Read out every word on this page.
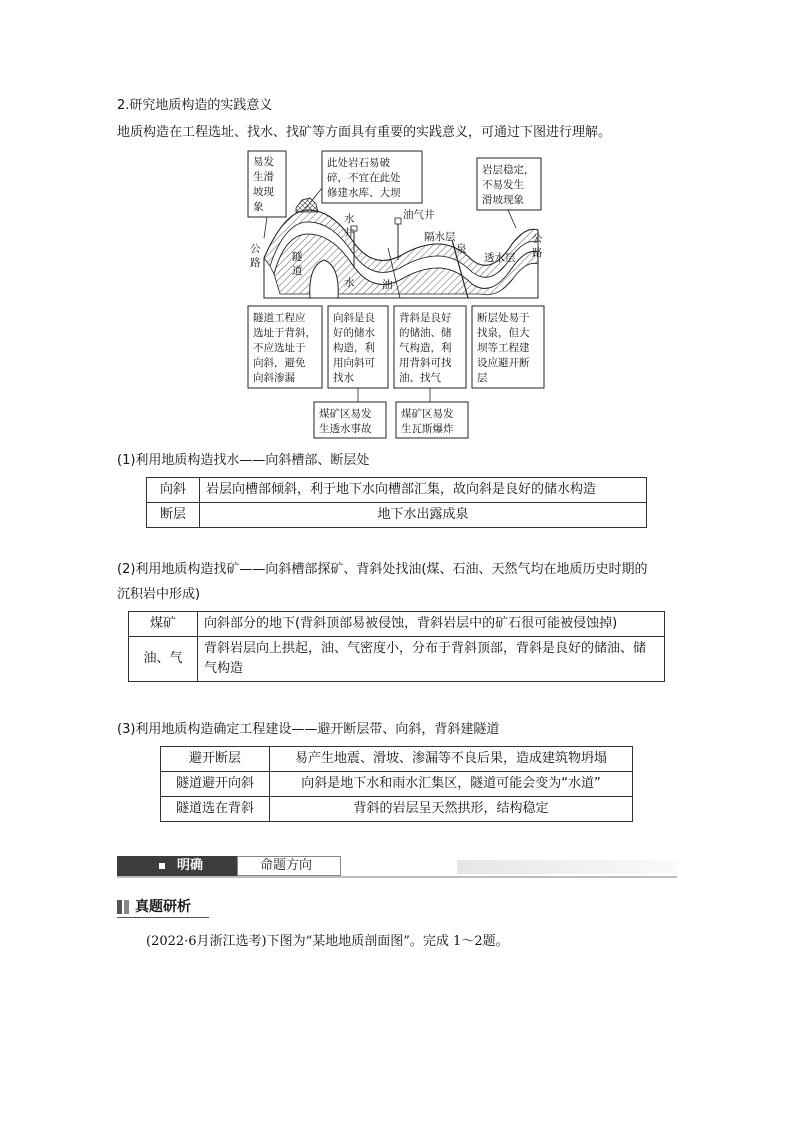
2.研究地质构造的实践意义
地质构造在工程选址、找水、找矿等方面具有重要的实践意义，可通过下图进行理解。
易发
生滑
坡现
象
此处岩石易破
碎，不宜在此处
修建水库、大坝
岩层稳定，
不易发生
滑坡现象
公
路	隧
道
水
井
油气井
隔水层
泉
水	油
透水层
公
路
隧道工程应
选址于背斜，
不应选址于
向斜，避免
向斜渗漏
向斜是良
好的储水
构造，利
用向斜可
找水
背斜是良好
的储油、储
气构造，利
用背斜可找
油、找气
断层处易于
找泉，但大
坝等工程建
设应避开断
层
煤矿区易发
生透水事故
煤矿区易发
生瓦斯爆炸
(1)利用地质构造找水——向斜槽部、断层处
向斜	岩层向槽部倾斜，利于地下水向槽部汇集，故向斜是良好的储水构造
断层	地下水出露成泉
(2)利用地质构造找矿——向斜槽部探矿、背斜处找油(煤、石油、天然气均在地质历史时期的
沉积岩中形成)
煤矿	向斜部分的地下(背斜顶部易被侵蚀，背斜岩层中的矿石很可能被侵蚀掉)
油、气	背斜岩层向上拱起，油、气密度小，分布于背斜顶部，背斜是良好的储油、储气构造
(3)利用地质构造确定工程建设——避开断层带、向斜，背斜建隧道
避开断层	易产生地震、滑坡、渗漏等不良后果，造成建筑物坍塌
隧道避开向斜	向斜是地下水和雨水汇集区，隧道可能会变为“水道”
隧道选在背斜	背斜的岩层呈天然拱形，结构稳定
明确	命题方向
真题研析
(2022·6月浙江选考)下图为“某地地质剖面图”。完成 1～2题。
